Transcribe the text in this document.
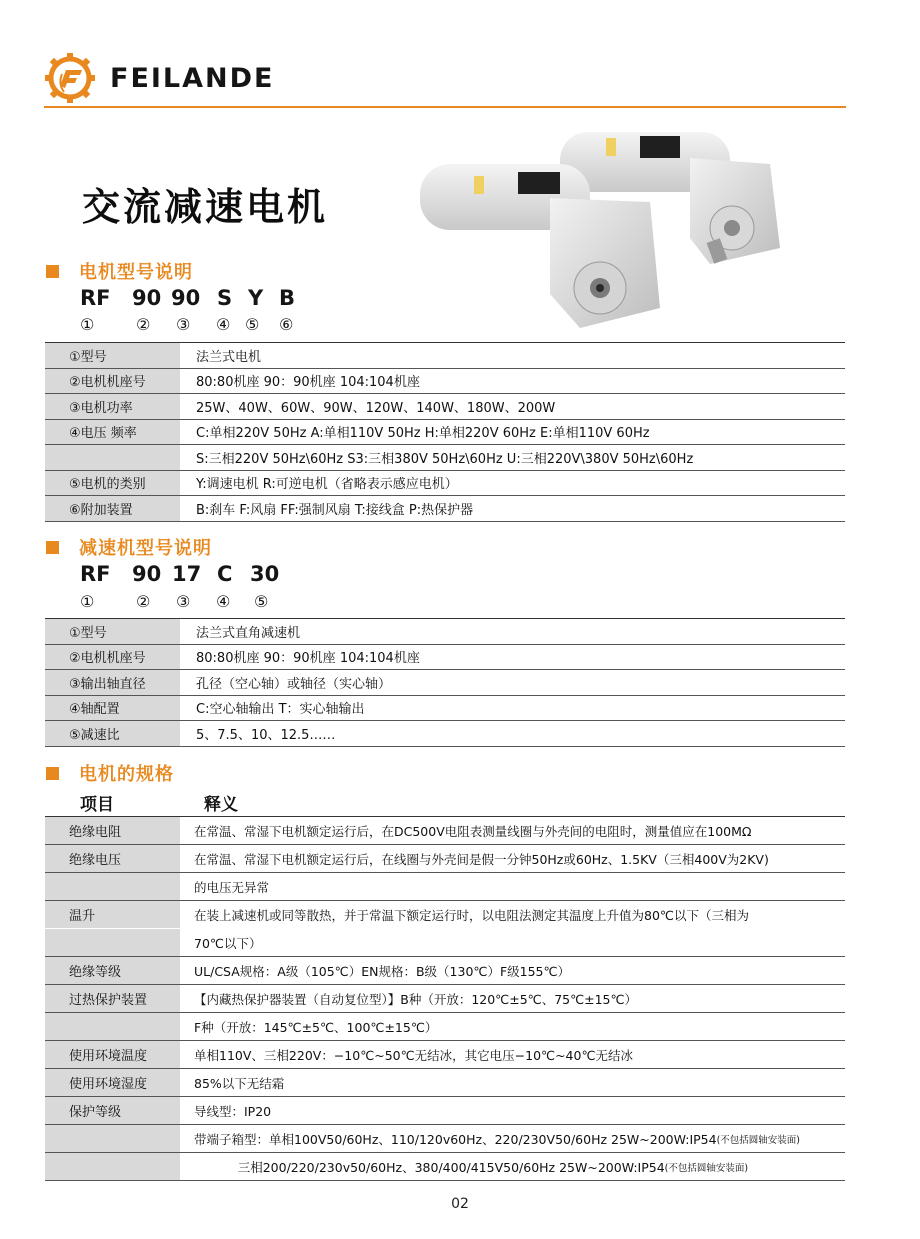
FEILANDE
交流减速电机
电机型号说明
RF 90 90 S Y B
①	② ③ ④ ⑤ ⑥
①型号	法兰式电机
②电机机座号	80:80机座 90：90机座 104:104机座
③电机功率	25W、40W、60W、90W、120W、140W、180W、200W
④电压 频率	C:单相220V 50Hz A:单相110V 50Hz H:单相220V 60Hz E:单相110V 60Hz
S:三相220V 50Hz\60Hz S3:三相380V 50Hz\60Hz U:三相220V\380V 50Hz\60Hz
⑤电机的类别	Y:调速电机 R:可逆电机（省略表示感应电机）
⑥附加装置	B:刹车 F:风扇 FF:强制风扇 T:接线盒 P:热保护器
减速机型号说明
RF 90 17 C 30
①	② ③ ④ ⑤
①型号	法兰式直角减速机
②电机机座号	80:80机座 90：90机座 104:104机座
③输出轴直径	孔径（空心轴）或轴径（实心轴）
④轴配置	C:空心轴输出 T：实心轴输出
⑤减速比	5、7.5、10、12.5……
电机的规格
项目	释义
绝缘电阻	在常温、常湿下电机额定运行后，在DC500V电阻表测量线圈与外壳间的电阻时，测量值应在100MΩ
绝缘电压	在常温、常湿下电机额定运行后，在线圈与外壳间是假一分钟50Hz或60Hz、1.5KV（三相400V为2KV)
的电压无异常
温升	在装上减速机或同等散热，并于常温下额定运行时，以电阻法测定其温度上升值为80℃以下（三相为
70℃以下）
绝缘等级	UL/CSA规格：A级（105℃）EN规格：B级（130℃）F级155℃）
过热保护装置	【内藏热保护器装置（自动复位型）】B种（开放：120℃±5℃、75℃±15℃）
F种（开放：145℃±5℃、100℃±15℃）
使用环境温度	单相110V、三相220V：−10℃~50℃无结冰，其它电压−10℃~40℃无结冰
使用环境湿度	85%以下无结霜
保护等级	导线型：IP20
带端子箱型：单相100V50/60Hz、110/120v60Hz、220/230V50/60Hz 25W~200W:IP54 (不包括圆轴安装面)
三相200/220/230v50/60Hz、380/400/415V50/60Hz 25W~200W:IP54 (不包括圆轴安装面)
02
